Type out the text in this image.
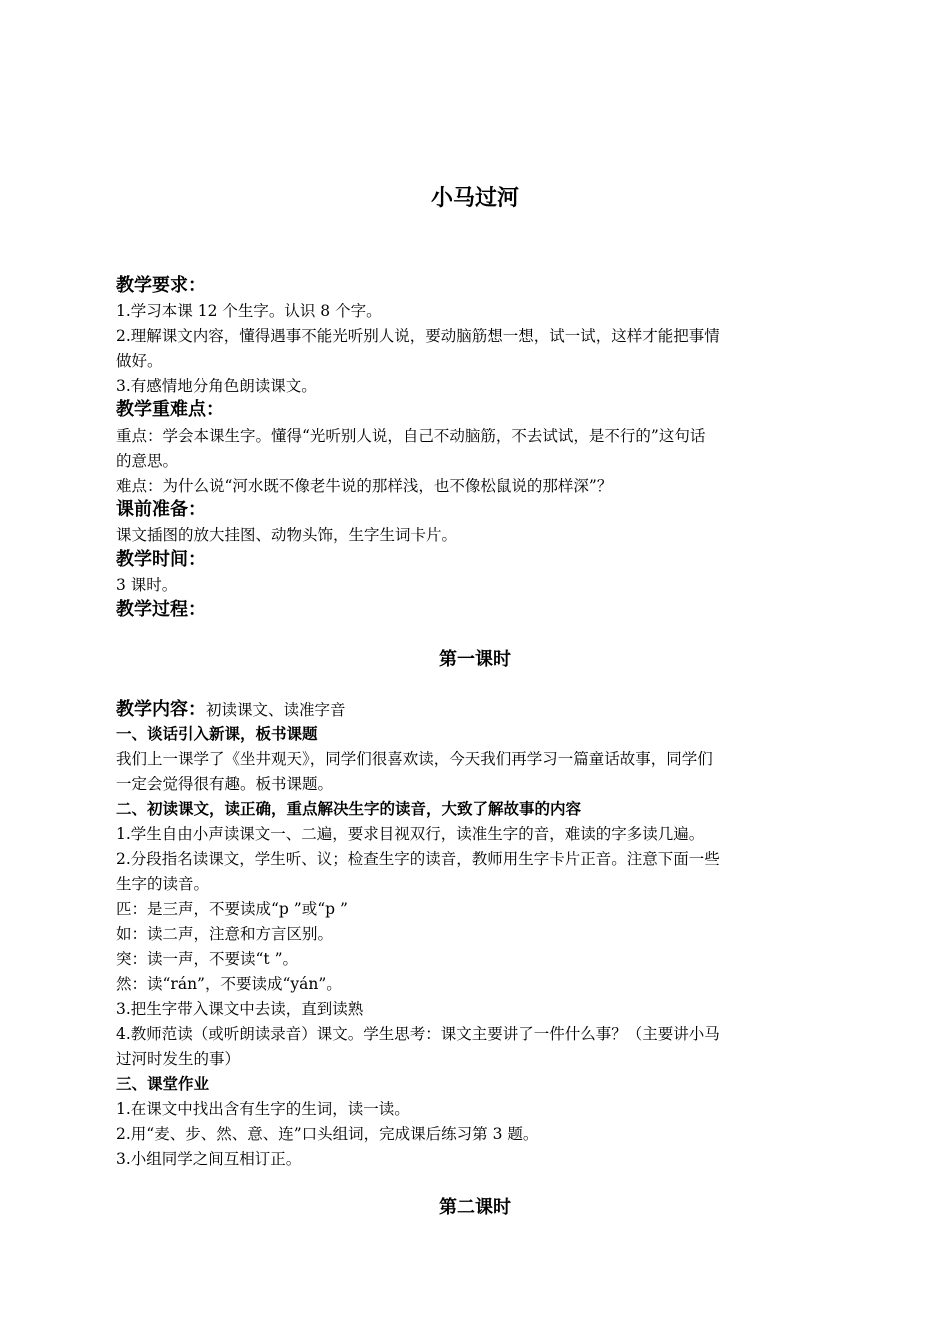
小马过河
教学要求：
1.学习本课 12 个生字。认识 8 个字。
2.理解课文内容，懂得遇事不能光听别人说，要动脑筋想一想，试一试，这样才能把事情
做好。
3.有感情地分角色朗读课文。
教学重难点：
重点：学会本课生字。懂得“光听别人说，自己不动脑筋，不去试试，是不行的”这句话
的意思。
难点：为什么说“河水既不像老牛说的那样浅，也不像松鼠说的那样深”？
课前准备：
课文插图的放大挂图、动物头饰，生字生词卡片。
教学时间：
3 课时。
教学过程：
第一课时
教学内容：初读课文、读准字音
一、谈话引入新课，板书课题
我们上一课学了《坐井观天》，同学们很喜欢读，今天我们再学习一篇童话故事，同学们
一定会觉得很有趣。板书课题。
二、初读课文，读正确，重点解决生字的读音，大致了解故事的内容
1.学生自由小声读课文一、二遍，要求目视双行，读准生字的音，难读的字多读几遍。
2.分段指名读课文，学生听、议；检查生字的读音，教师用生字卡片正音。注意下面一些
生字的读音。
匹：是三声，不要读成“p ”或“p ”
如：读二声，注意和方言区别。
突：读一声，不要读“t ”。
然：读“rán”，不要读成“yán”。
3.把生字带入课文中去读，直到读熟
4.教师范读（或听朗读录音）课文。学生思考：课文主要讲了一件什么事？（主要讲小马
过河时发生的事）
三、课堂作业
1.在课文中找出含有生字的生词，读一读。
2.用“麦、步、然、意、连”口头组词，完成课后练习第 3 题。
3.小组同学之间互相订正。
第二课时
